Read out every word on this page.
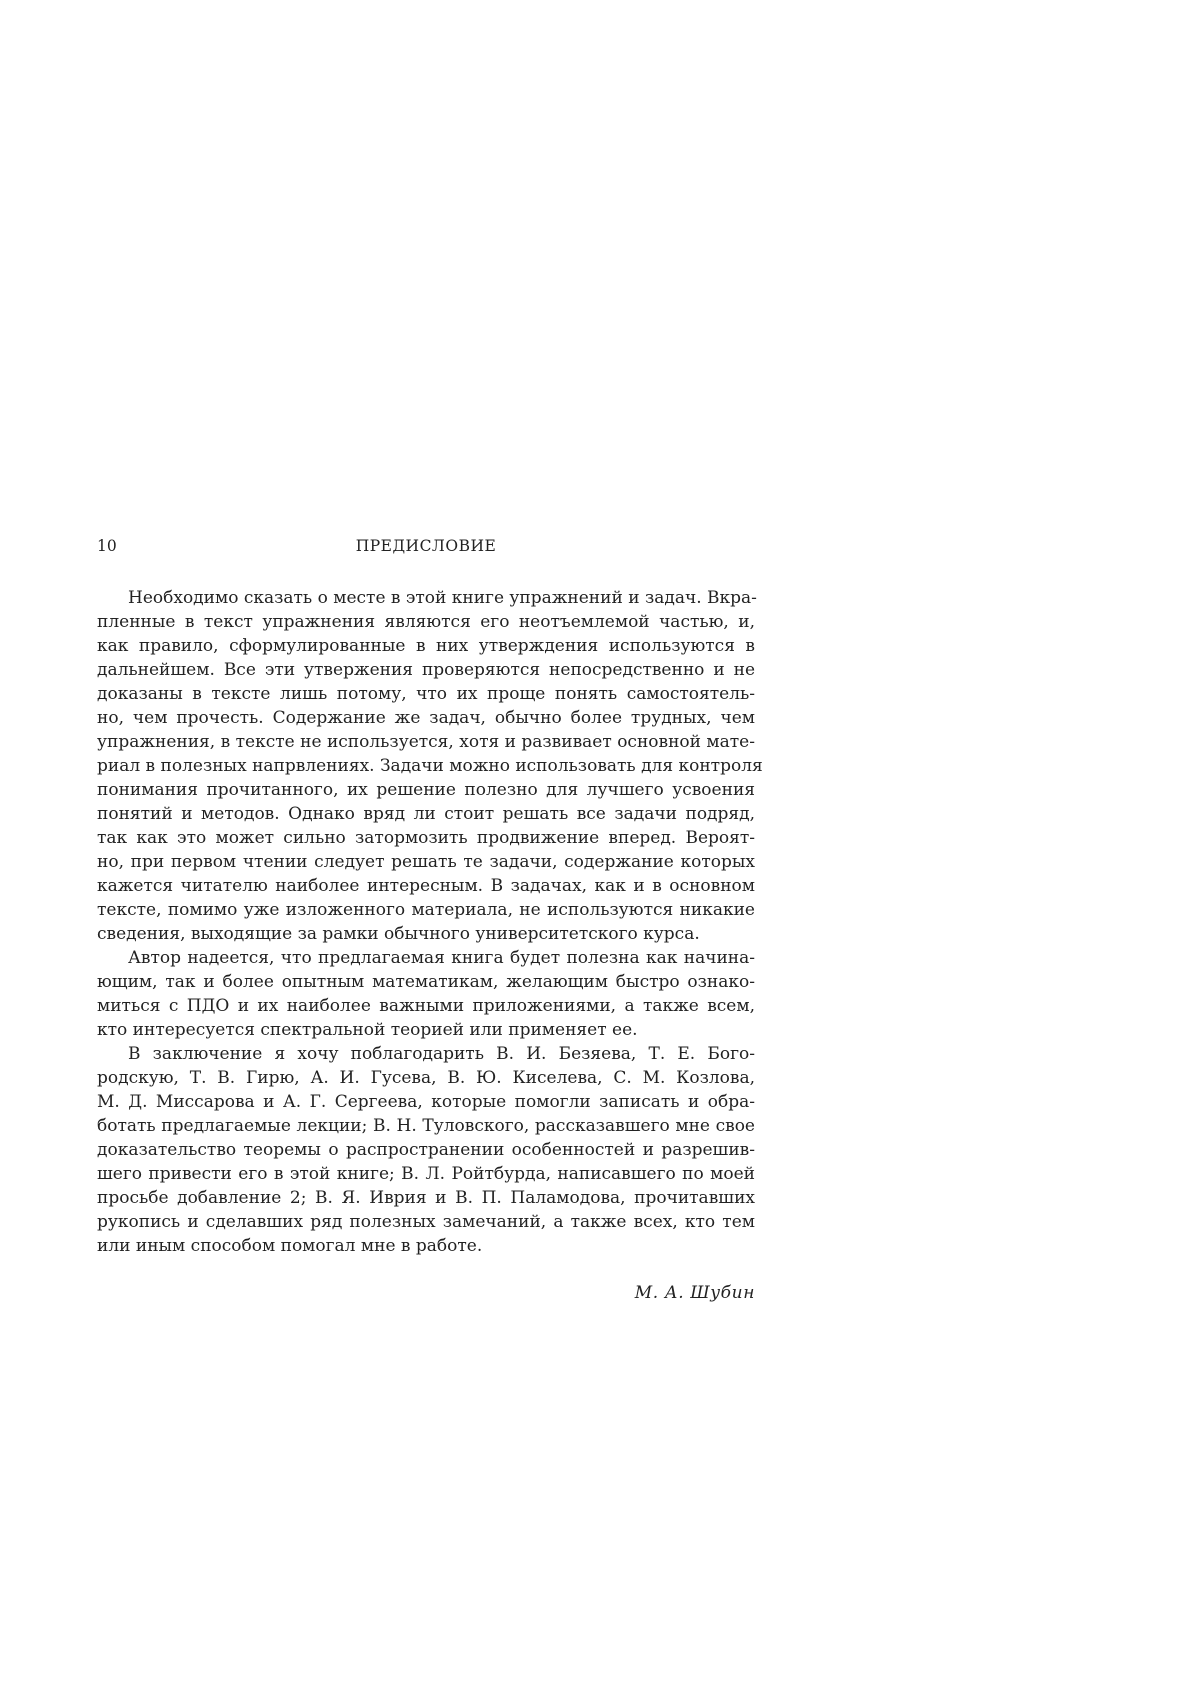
10	ПРЕДИСЛОВИЕ
Необходимо сказать о месте в этой книге упражнений и задач. Вкра-
пленные в текст упражнения являются его неотъемлемой частью, и,
как правило, сформулированные в них утверждения используются в
дальнейшем. Все эти утвержения проверяются непосредственно и не
доказаны в тексте лишь потому, что их проще понять самостоятель-
но, чем прочесть. Содержание же задач, обычно более трудных, чем
упражнения, в тексте не используется, хотя и развивает основной мате-
риал в полезных напрвлениях. Задачи можно использовать для контроля
понимания прочитанного, их решение полезно для лучшего усвоения
понятий и методов. Однако вряд ли стоит решать все задачи подряд,
так как это может сильно затормозить продвижение вперед. Вероят-
но, при первом чтении следует решать те задачи, содержание которых
кажется читателю наиболее интересным. В задачах, как и в основном
тексте, помимо уже изложенного материала, не используются никакие
сведения, выходящие за рамки обычного университетского курса.
Автор надеется, что предлагаемая книга будет полезна как начина-
ющим, так и более опытным математикам, желающим быстро ознако-
миться с ПДО и их наиболее важными приложениями, а также всем,
кто интересуется спектральной теорией или применяет ее.
В заключение я хочу поблагодарить В. И. Безяева, Т. Е. Бого-
родскую, Т. В. Гирю, А. И. Гусева, В. Ю. Киселева, С. М. Козлова,
М. Д. Миссарова и А. Г. Сергеева, которые помогли записать и обра-
ботать предлагаемые лекции; В. Н. Туловского, рассказавшего мне свое
доказательство теоремы о распространении особенностей и разрешив-
шего привести его в этой книге; В. Л. Ройтбурда, написавшего по моей
просьбе добавление 2; В. Я. Иврия и В. П. Паламодова, прочитавших
рукопись и сделавших ряд полезных замечаний, а также всех, кто тем
или иным способом помогал мне в работе.
М. А. Шубин
